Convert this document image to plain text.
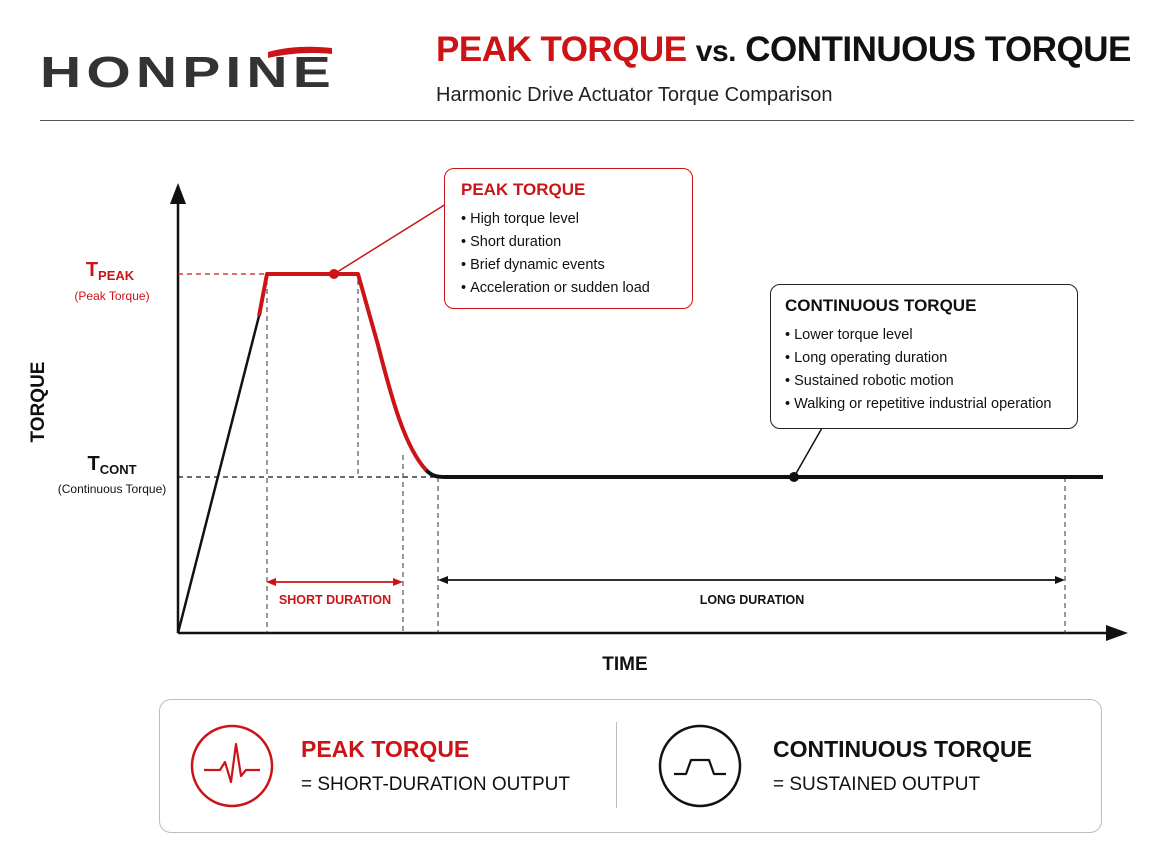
HONPINE	PEAK TORQUE vs. CONTINUOUS TORQUE
Harmonic Drive Actuator Torque Comparison
TORQUE
TIME
$T_{PEAK}$
(Peak Torque)
$T_{CONT}$
(Continuous Torque)
SHORT DURATION	LONG DURATION
PEAK TORQUE
• High torque level
• Short duration
• Brief dynamic events
• Acceleration or sudden load
CONTINUOUS TORQUE
• Lower torque level
• Long operating duration
• Sustained robotic motion
• Walking or repetitive industrial operation
PEAK TORQUE
= SHORT-DURATION OUTPUT
CONTINUOUS TORQUE
= SUSTAINED OUTPUT
